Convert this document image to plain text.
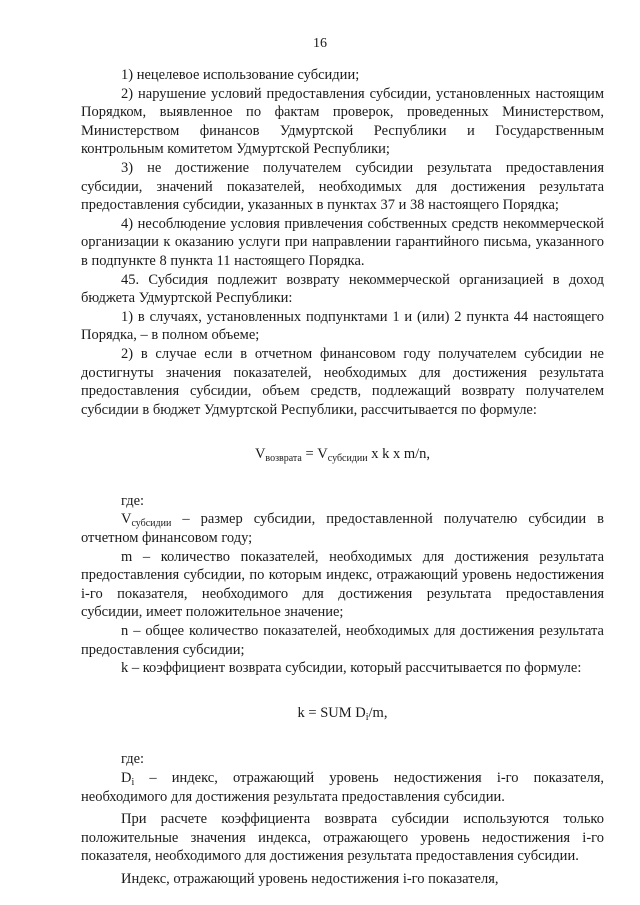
16

1) нецелевое использование субсидии;

2) нарушение условий предоставления субсидии, установленных настоящим Порядком, выявленное по фактам проверок, проведенных Министерством, Министерством финансов Удмуртской Республики и Государственным контрольным комитетом Удмуртской Республики;

3) не достижение получателем субсидии результата предоставления субсидии, значений показателей, необходимых для достижения результата предоставления субсидии, указанных в пунктах 37 и 38 настоящего Порядка;

4) несоблюдение условия привлечения собственных средств некоммерческой организации к оказанию услуги при направлении гарантийного письма, указанного в подпункте 8 пункта 11 настоящего Порядка.

45. Субсидия подлежит возврату некоммерческой организацией в доход бюджета Удмуртской Республики:

1) в случаях, установленных подпунктами 1 и (или) 2 пункта 44 настоящего Порядка, – в полном объеме;

2) в случае если в отчетном финансовом году получателем субсидии не достигнуты значения показателей, необходимых для достижения результата предоставления субсидии, объем средств, подлежащий возврату получателем субсидии в бюджет Удмуртской Республики, рассчитывается по формуле:

$V_{возврата} = V_{субсидии}$ x k x m/n,

где:

$V_{субсидии}$ – размер субсидии, предоставленной получателю субсидии в отчетном финансовом году;

m – количество показателей, необходимых для достижения результата предоставления субсидии, по которым индекс, отражающий уровень недостижения i-го показателя, необходимого для достижения результата предоставления субсидии, имеет положительное значение;

n – общее количество показателей, необходимых для достижения результата предоставления субсидии;

k – коэффициент возврата субсидии, который рассчитывается по формуле:

k = SUM $D_i/m$,

где:

$D_i$ – индекс, отражающий уровень недостижения i-го показателя, необходимого для достижения результата предоставления субсидии.

При расчете коэффициента возврата субсидии используются только положительные значения индекса, отражающего уровень недостижения i-го показателя, необходимого для достижения результата предоставления субсидии.

Индекс, отражающий уровень недостижения i-го показателя,
